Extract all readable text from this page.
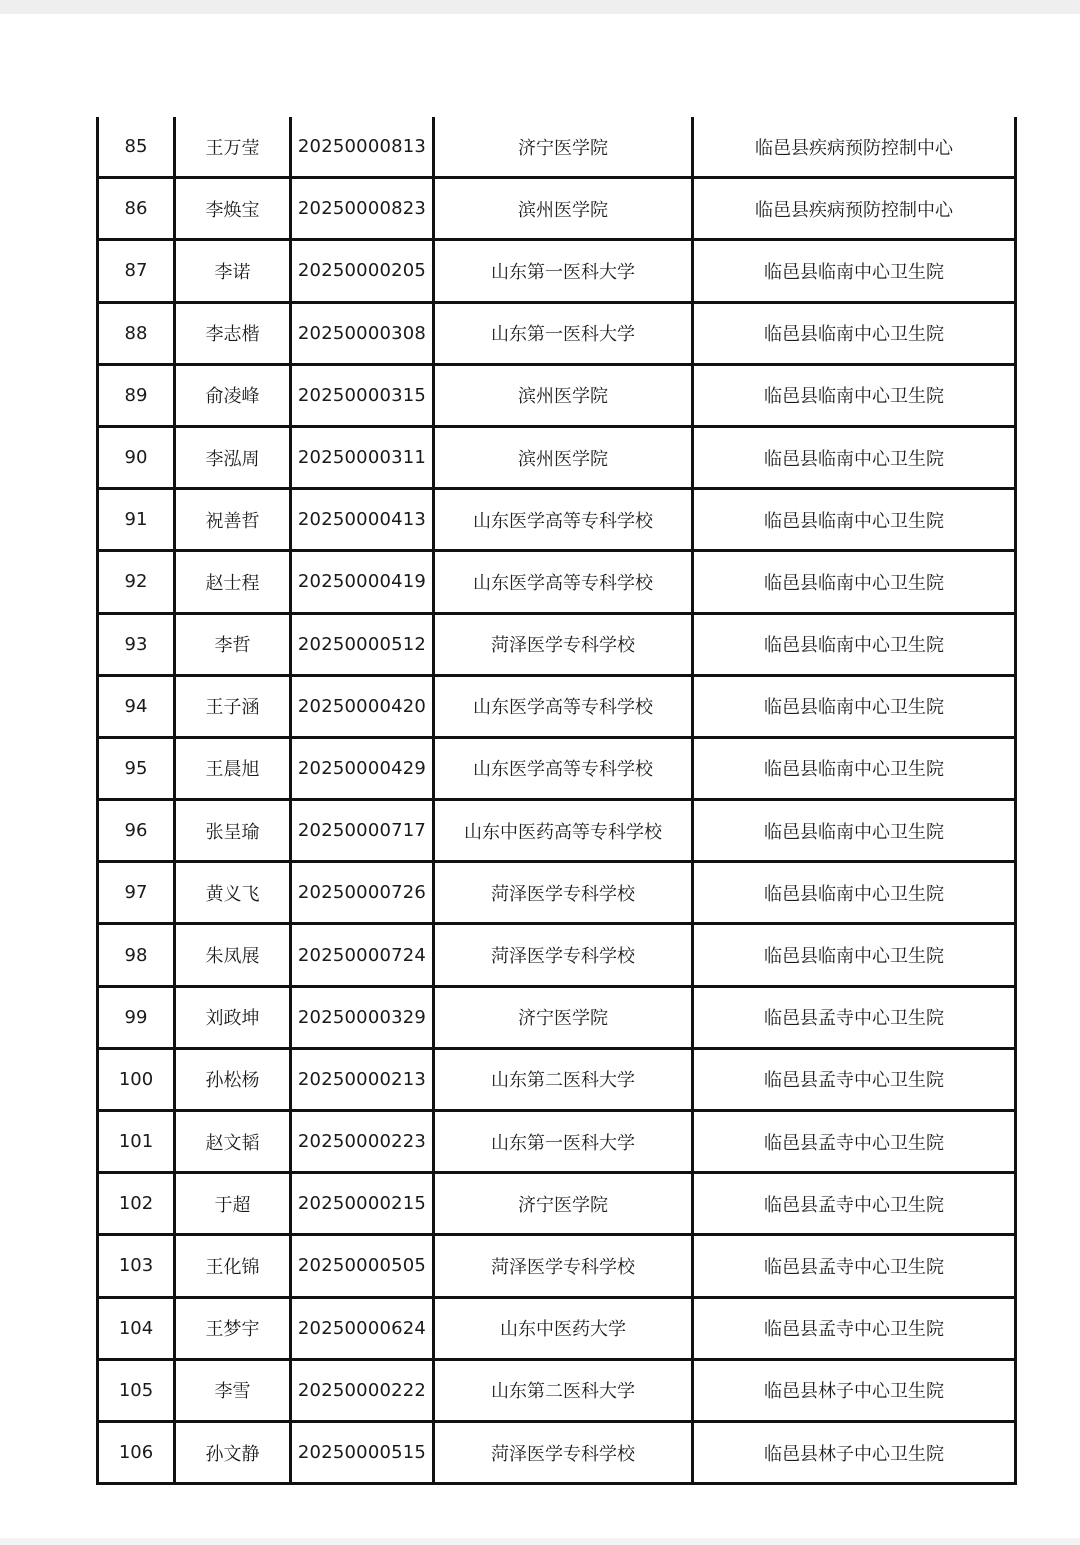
85	王万莹	20250000813	济宁医学院	临邑县疾病预防控制中心
86	李焕宝	20250000823	滨州医学院	临邑县疾病预防控制中心
87	李诺	20250000205	山东第一医科大学	临邑县临南中心卫生院
88	李志楷	20250000308	山东第一医科大学	临邑县临南中心卫生院
89	俞凌峰	20250000315	滨州医学院	临邑县临南中心卫生院
90	李泓周	20250000311	滨州医学院	临邑县临南中心卫生院
91	祝善哲	20250000413	山东医学高等专科学校	临邑县临南中心卫生院
92	赵士程	20250000419	山东医学高等专科学校	临邑县临南中心卫生院
93	李哲	20250000512	菏泽医学专科学校	临邑县临南中心卫生院
94	王子涵	20250000420	山东医学高等专科学校	临邑县临南中心卫生院
95	王晨旭	20250000429	山东医学高等专科学校	临邑县临南中心卫生院
96	张呈瑜	20250000717	山东中医药高等专科学校	临邑县临南中心卫生院
97	黄义飞	20250000726	菏泽医学专科学校	临邑县临南中心卫生院
98	朱凤展	20250000724	菏泽医学专科学校	临邑县临南中心卫生院
99	刘政坤	20250000329	济宁医学院	临邑县孟寺中心卫生院
100	孙松杨	20250000213	山东第二医科大学	临邑县孟寺中心卫生院
101	赵文韬	20250000223	山东第一医科大学	临邑县孟寺中心卫生院
102	于超	20250000215	济宁医学院	临邑县孟寺中心卫生院
103	王化锦	20250000505	菏泽医学专科学校	临邑县孟寺中心卫生院
104	王梦宇	20250000624	山东中医药大学	临邑县孟寺中心卫生院
105	李雪	20250000222	山东第二医科大学	临邑县林子中心卫生院
106	孙文静	20250000515	菏泽医学专科学校	临邑县林子中心卫生院
